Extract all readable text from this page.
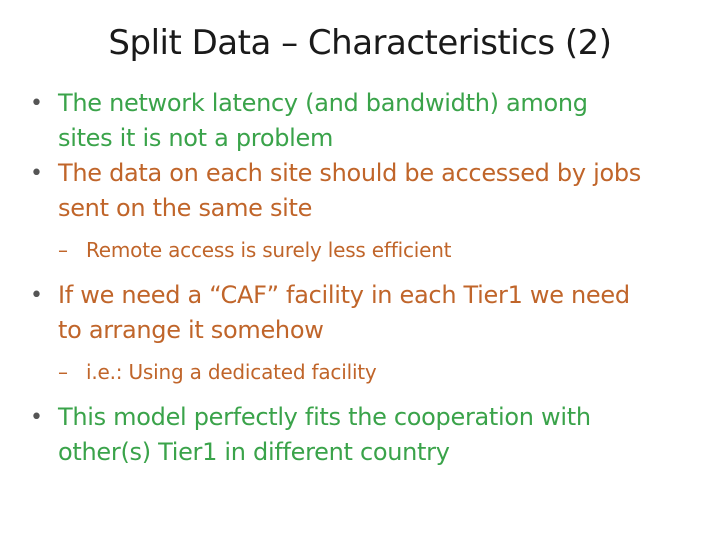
Split Data – Characteristics (2)
• The network latency (and bandwidth) among
sites it is not a problem
• The data on each site should be accessed by jobs
sent on the same site
– Remote access is surely less efficient
• If we need a “CAF” facility in each Tier1 we need
to arrange it somehow
– i.e.: Using a dedicated facility
• This model perfectly fits the cooperation with
other(s) Tier1 in different country
